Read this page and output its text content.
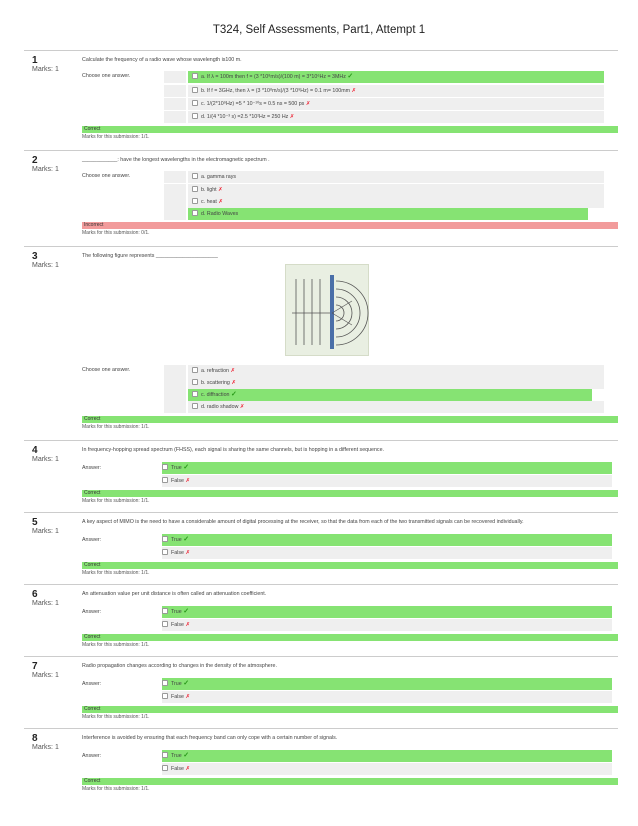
T324, Self Assessments, Part1, Attempt 1
1
Marks: 1
Calculate the frequency of a radio wave whose wavelength is100 m.
Choose one answer.	a. If λ = 100m then f = (3 *10⁸m/s)/(100 m) = 3*10⁶Hz = 3MHz ✓
b. If f = 3GHz, then λ = (3 *10⁸m/s)/(3 *10⁹Hz) = 0.1 m= 100mm ✗
c. 1/(2*10⁹Hz) =5 * 10⁻¹⁰s = 0.5 ns = 500 ps ✗
d. 1/(4 *10⁻³ s) =2.5 *10²Hz = 250 Hz ✗
Correct
Marks for this submission: 1/1.
2
Marks: 1
____________: have the longest wavelengths in the electromagnetic spectrum .
Choose one answer.	a. gamma rays
b. light ✗
c. heat ✗
d. Radio Waves
Incorrect
Marks for this submission: 0/1.
3
Marks: 1
The following figure represents _____________________
Choose one answer.	a. refraction ✗
b. scattering ✗
c. diffraction ✓
d. radio shadow ✗
Correct
Marks for this submission: 1/1.
4
Marks: 1
In frequency-hopping spread spectrum (FHSS), each signal is sharing the same channels, but is hopping in a different sequence.
Answer:	True ✓
False ✗
Correct
Marks for this submission: 1/1.
5
Marks: 1
A key aspect of MIMO is the need to have a considerable amount of digital processing at the receiver, so that the data from each of the two transmitted signals can be recovered individually.
Answer:	True ✓
False ✗
Correct
Marks for this submission: 1/1.
6
Marks: 1
An attenuation value per unit distance is often called an attenuation coefficient.
Answer:	True ✓
False ✗
Correct
Marks for this submission: 1/1.
7
Marks: 1
Radio propagation changes according to changes in the density of the atmosphere.
Answer:	True ✓
False ✗
Correct
Marks for this submission: 1/1.
8
Marks: 1
Interference is avoided by ensuring that each frequency band can only cope with a certain number of signals.
Answer:	True ✓
False ✗
Correct
Marks for this submission: 1/1.
